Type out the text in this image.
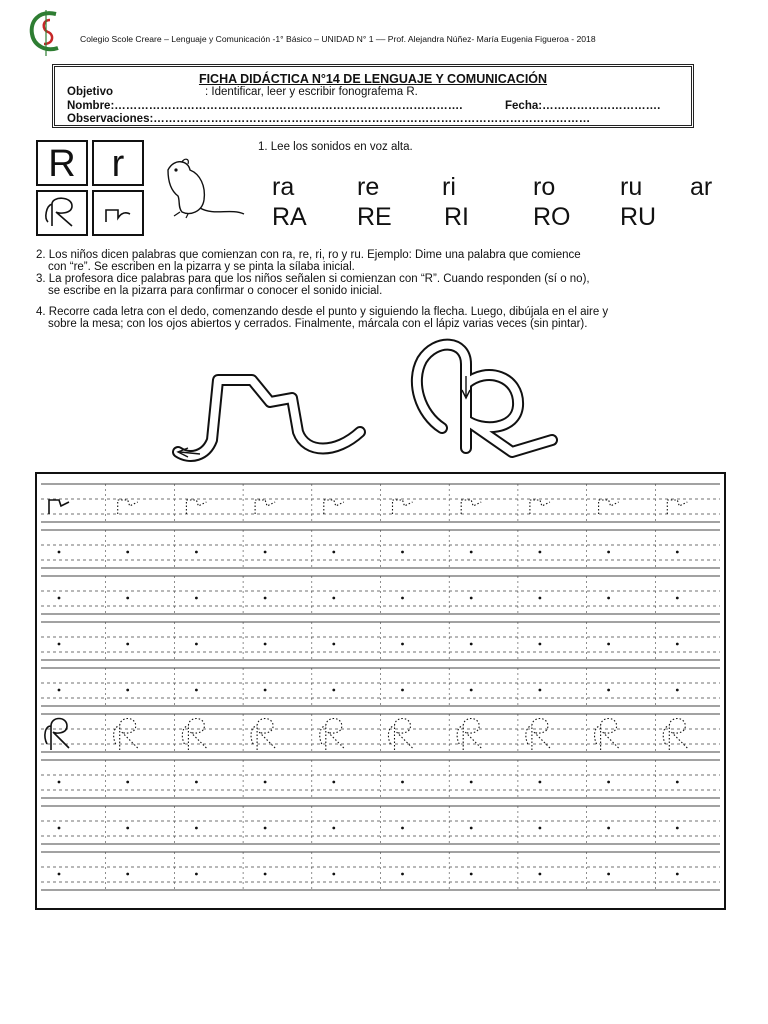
Colegio Scole Creare – Lenguaje y Comunicación -1° Básico – UNIDAD N° 1 –– Prof. Alejandra Núñez- María Eugenia Figueroa - 2018
FICHA DIDÁCTICA N°14 DE LENGUAJE Y COMUNICACIÓN
Objetivo	: Identificar, leer y escribir fonografema R.
Nombre:……………………………………………………………………………….	Fecha:………………………….
Observaciones:……………………………………………………………………………………………………
R r	1. Lee los sonidos en voz alta.
ra	re	ri	ro	ru ar
RA RE RI	RO RU
2. Los niños dicen palabras que comienzan con ra, re, ri, ro y ru. Ejemplo: Dime una palabra que comience
con “re”. Se escriben en la pizarra y se pinta la sílaba inicial.
3. La profesora dice palabras para que los niños señalen si comienzan con “R”. Cuando responden (sí o no),
se escribe en la pizarra para confirmar o conocer el sonido inicial.
4. Recorre cada letra con el dedo, comenzando desde el punto y siguiendo la flecha. Luego, dibújala en el aire y
sobre la mesa; con los ojos abiertos y cerrados. Finalmente, márcala con el lápiz varias veces (sin pintar).
